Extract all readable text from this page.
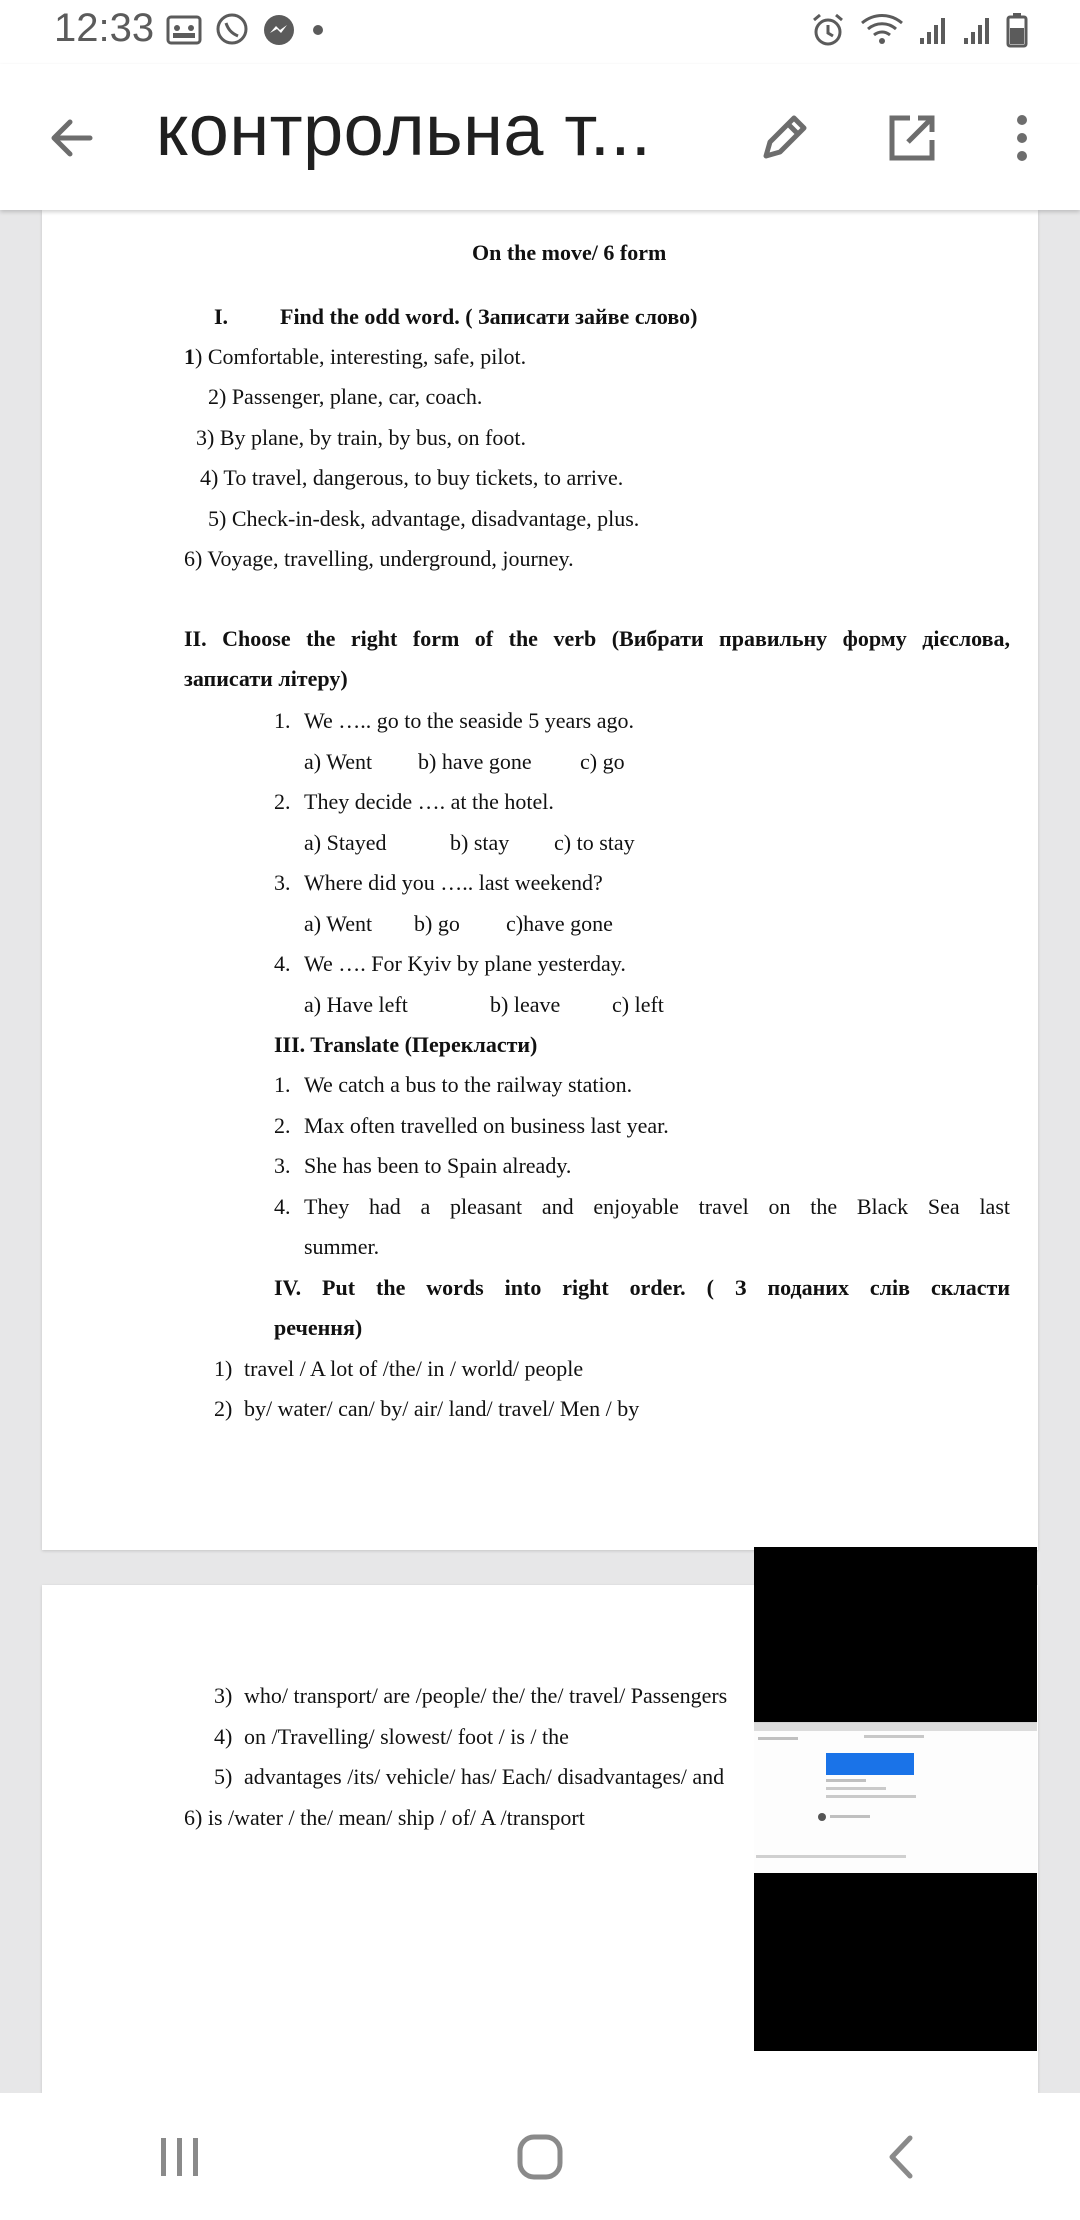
12:33
контрольна т...
On the move/ 6 form
I. Find the odd word. ( Записати зайве слово)
1) Comfortable, interesting, safe, pilot.
2) Passenger, plane, car, coach.
3) By plane, by train, by bus, on foot.
4) To travel, dangerous, to buy tickets, to arrive.
5) Check-in-desk, advantage, disadvantage, plus.
6) Voyage, travelling, underground, journey.
II. Choose the right form of the verb (Вибрати правильну форму дієслова,
записати літеру)
1. We ….. go to the seaside 5 years ago.
a) Went b) have gone c) go
2. They decide …. at the hotel.
a) Stayed	b) stay c) to stay
3. Where did you ….. last weekend?
a) Went b) go c)have gone
4. We …. For Kyiv by plane yesterday.
a) Have left	b) leave c) left
III. Translate (Перекласти)
1. We catch a bus to the railway station.
2. Max often travelled on business last year.
3. She has been to Spain already.
4. They had a pleasant and enjoyable travel on the Black Sea last
summer.
IV. Put the words into right order. ( З поданих слів скласти
речення)
1) travel / A lot of /the/ in / world/ people
2) by/ water/ can/ by/ air/ land/ travel/ Men / by
3) who/ transport/ are /people/ the/ the/ travel/ Passengers
4) on /Travelling/ slowest/ foot / is / the
5) advantages /its/ vehicle/ has/ Each/ disadvantages/ and
6) is /water / the/ mean/ ship / of/ A /transport
